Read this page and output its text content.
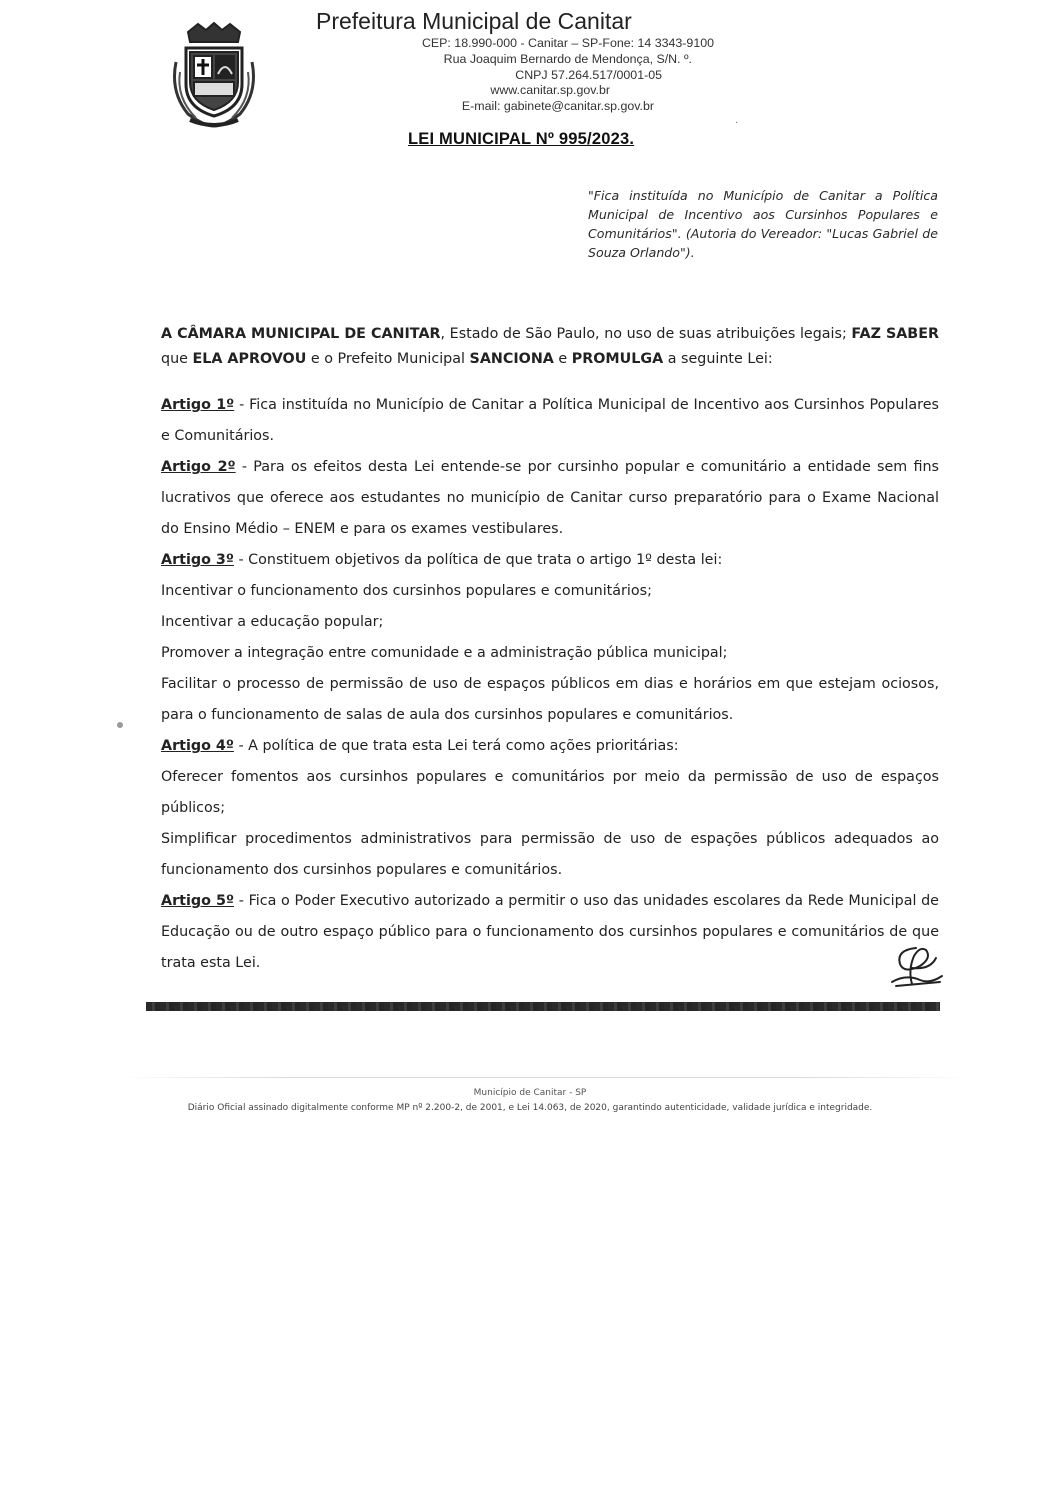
Prefeitura Municipal de Canitar
CEP: 18.990-000 - Canitar – SP-Fone: 14 3343-9100
Rua Joaquim Bernardo de Mendonça, S/N. º.
CNPJ 57.264.517/0001-05
www.canitar.sp.gov.br
E-mail: gabinete@canitar.sp.gov.br
·
LEI MUNICIPAL Nº 995/2023.
"Fica instituída no Município de Canitar a Política Municipal de Incentivo aos Cursinhos Populares e Comunitários". (Autoria do Vereador: "Lucas Gabriel de Souza Orlando").

A CÂMARA MUNICIPAL DE CANITAR, Estado de São Paulo, no uso de suas atribuições legais; FAZ SABER que ELA APROVOU e o Prefeito Municipal SANCIONA e PROMULGA a seguinte Lei:

Artigo 1º - Fica instituída no Município de Canitar a Política Municipal de Incentivo aos Cursinhos Populares e Comunitários.

Artigo 2º - Para os efeitos desta Lei entende-se por cursinho popular e comunitário a entidade sem fins lucrativos que oferece aos estudantes no município de Canitar curso preparatório para o Exame Nacional do Ensino Médio – ENEM e para os exames vestibulares.

Artigo 3º - Constituem objetivos da política de que trata o artigo 1º desta lei:

Incentivar o funcionamento dos cursinhos populares e comunitários;

Incentivar a educação popular;

Promover a integração entre comunidade e a administração pública municipal;

Facilitar o processo de permissão de uso de espaços públicos em dias e horários em que estejam ociosos, para o funcionamento de salas de aula dos cursinhos populares e comunitários.

Artigo 4º - A política de que trata esta Lei terá como ações prioritárias:

Oferecer fomentos aos cursinhos populares e comunitários por meio da permissão de uso de espaços públicos;

Simplificar procedimentos administrativos para permissão de uso de espações públicos adequados ao funcionamento dos cursinhos populares e comunitários.

Artigo 5º - Fica o Poder Executivo autorizado a permitir o uso das unidades escolares da Rede Municipal de Educação ou de outro espaço público para o funcionamento dos cursinhos populares e comunitários de que trata esta Lei.

Município de Canitar - SP
Diário Oficial assinado digitalmente conforme MP nº 2.200-2, de 2001, e Lei 14.063, de 2020, garantindo autenticidade, validade jurídica e integridade.
